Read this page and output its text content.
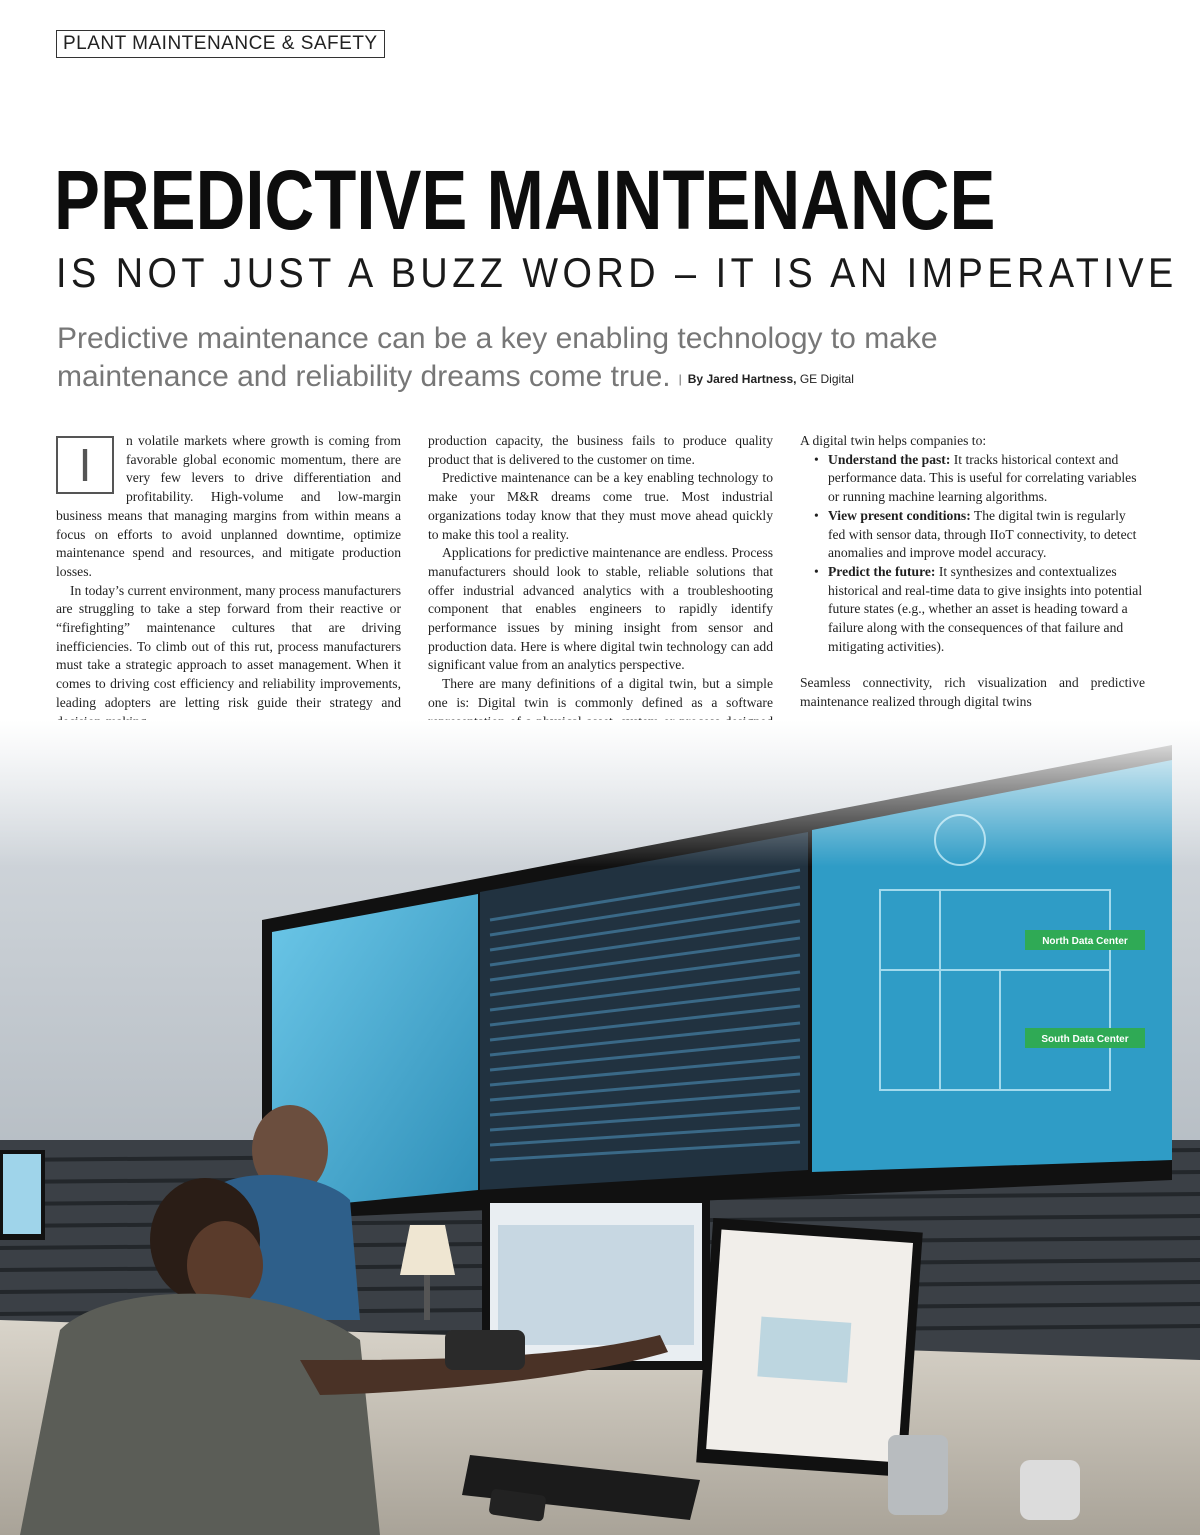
PLANT MAINTENANCE & SAFETY
PREDICTIVE MAINTENANCE
IS NOT JUST A BUZZ WORD – IT IS AN IMPERATIVE
Predictive maintenance can be a key enabling technology to make
maintenance and reliability dreams come true. | By Jared Hartness, GE Digital

I	n volatile markets where growth is coming from favorable global economic momentum, there are very few levers to drive differentiation and profitability. High-volume and low-margin business means that managing margins from within means a focus on efforts to avoid unplanned downtime, optimize maintenance spend and resources, and mitigate production losses.

In today’s current environment, many process manufacturers are struggling to take a step forward from their reactive or “firefighting” maintenance cultures that are driving inefficiencies. To climb out of this rut, process manufacturers must take a strategic approach to asset management. When it comes to driving cost efficiency and reliability improvements, leading adopters are letting risk guide their strategy and

production capacity, the business fails to produce quality product that is delivered to the customer on time.

Predictive maintenance can be a key enabling technology to make your M&R dreams come true. Most industrial organizations today know that they must move ahead quickly to make this tool a reality.

Applications for predictive maintenance are endless. Process manufacturers should look to stable, reliable solutions that offer industrial advanced analytics with a troubleshooting component that enables engineers to rapidly identify performance issues by mining insight from sensor and production data. Here is where digital twin technology can add significant value from an analytics perspective.

There are many definitions of a digital twin, but a simple one is: Digital twin is commonly defined as a software

A digital twin helps companies to:

• Understand the past: It tracks historical context and performance data. This is useful for correlating variables or running machine learning algorithms.
• View present conditions: The digital twin is regularly fed with sensor data, through IIoT connectivity, to detect anomalies and improve model accuracy.
• Predict the future: It synthesizes and contextualizes historical and real-time data to give insights into potential future states (e.g., whether an asset is heading toward a failure along with the consequences of that failure and mitigating activities).

Seamless connectivity, rich visualization and predictive maintenance realized through digital twins
